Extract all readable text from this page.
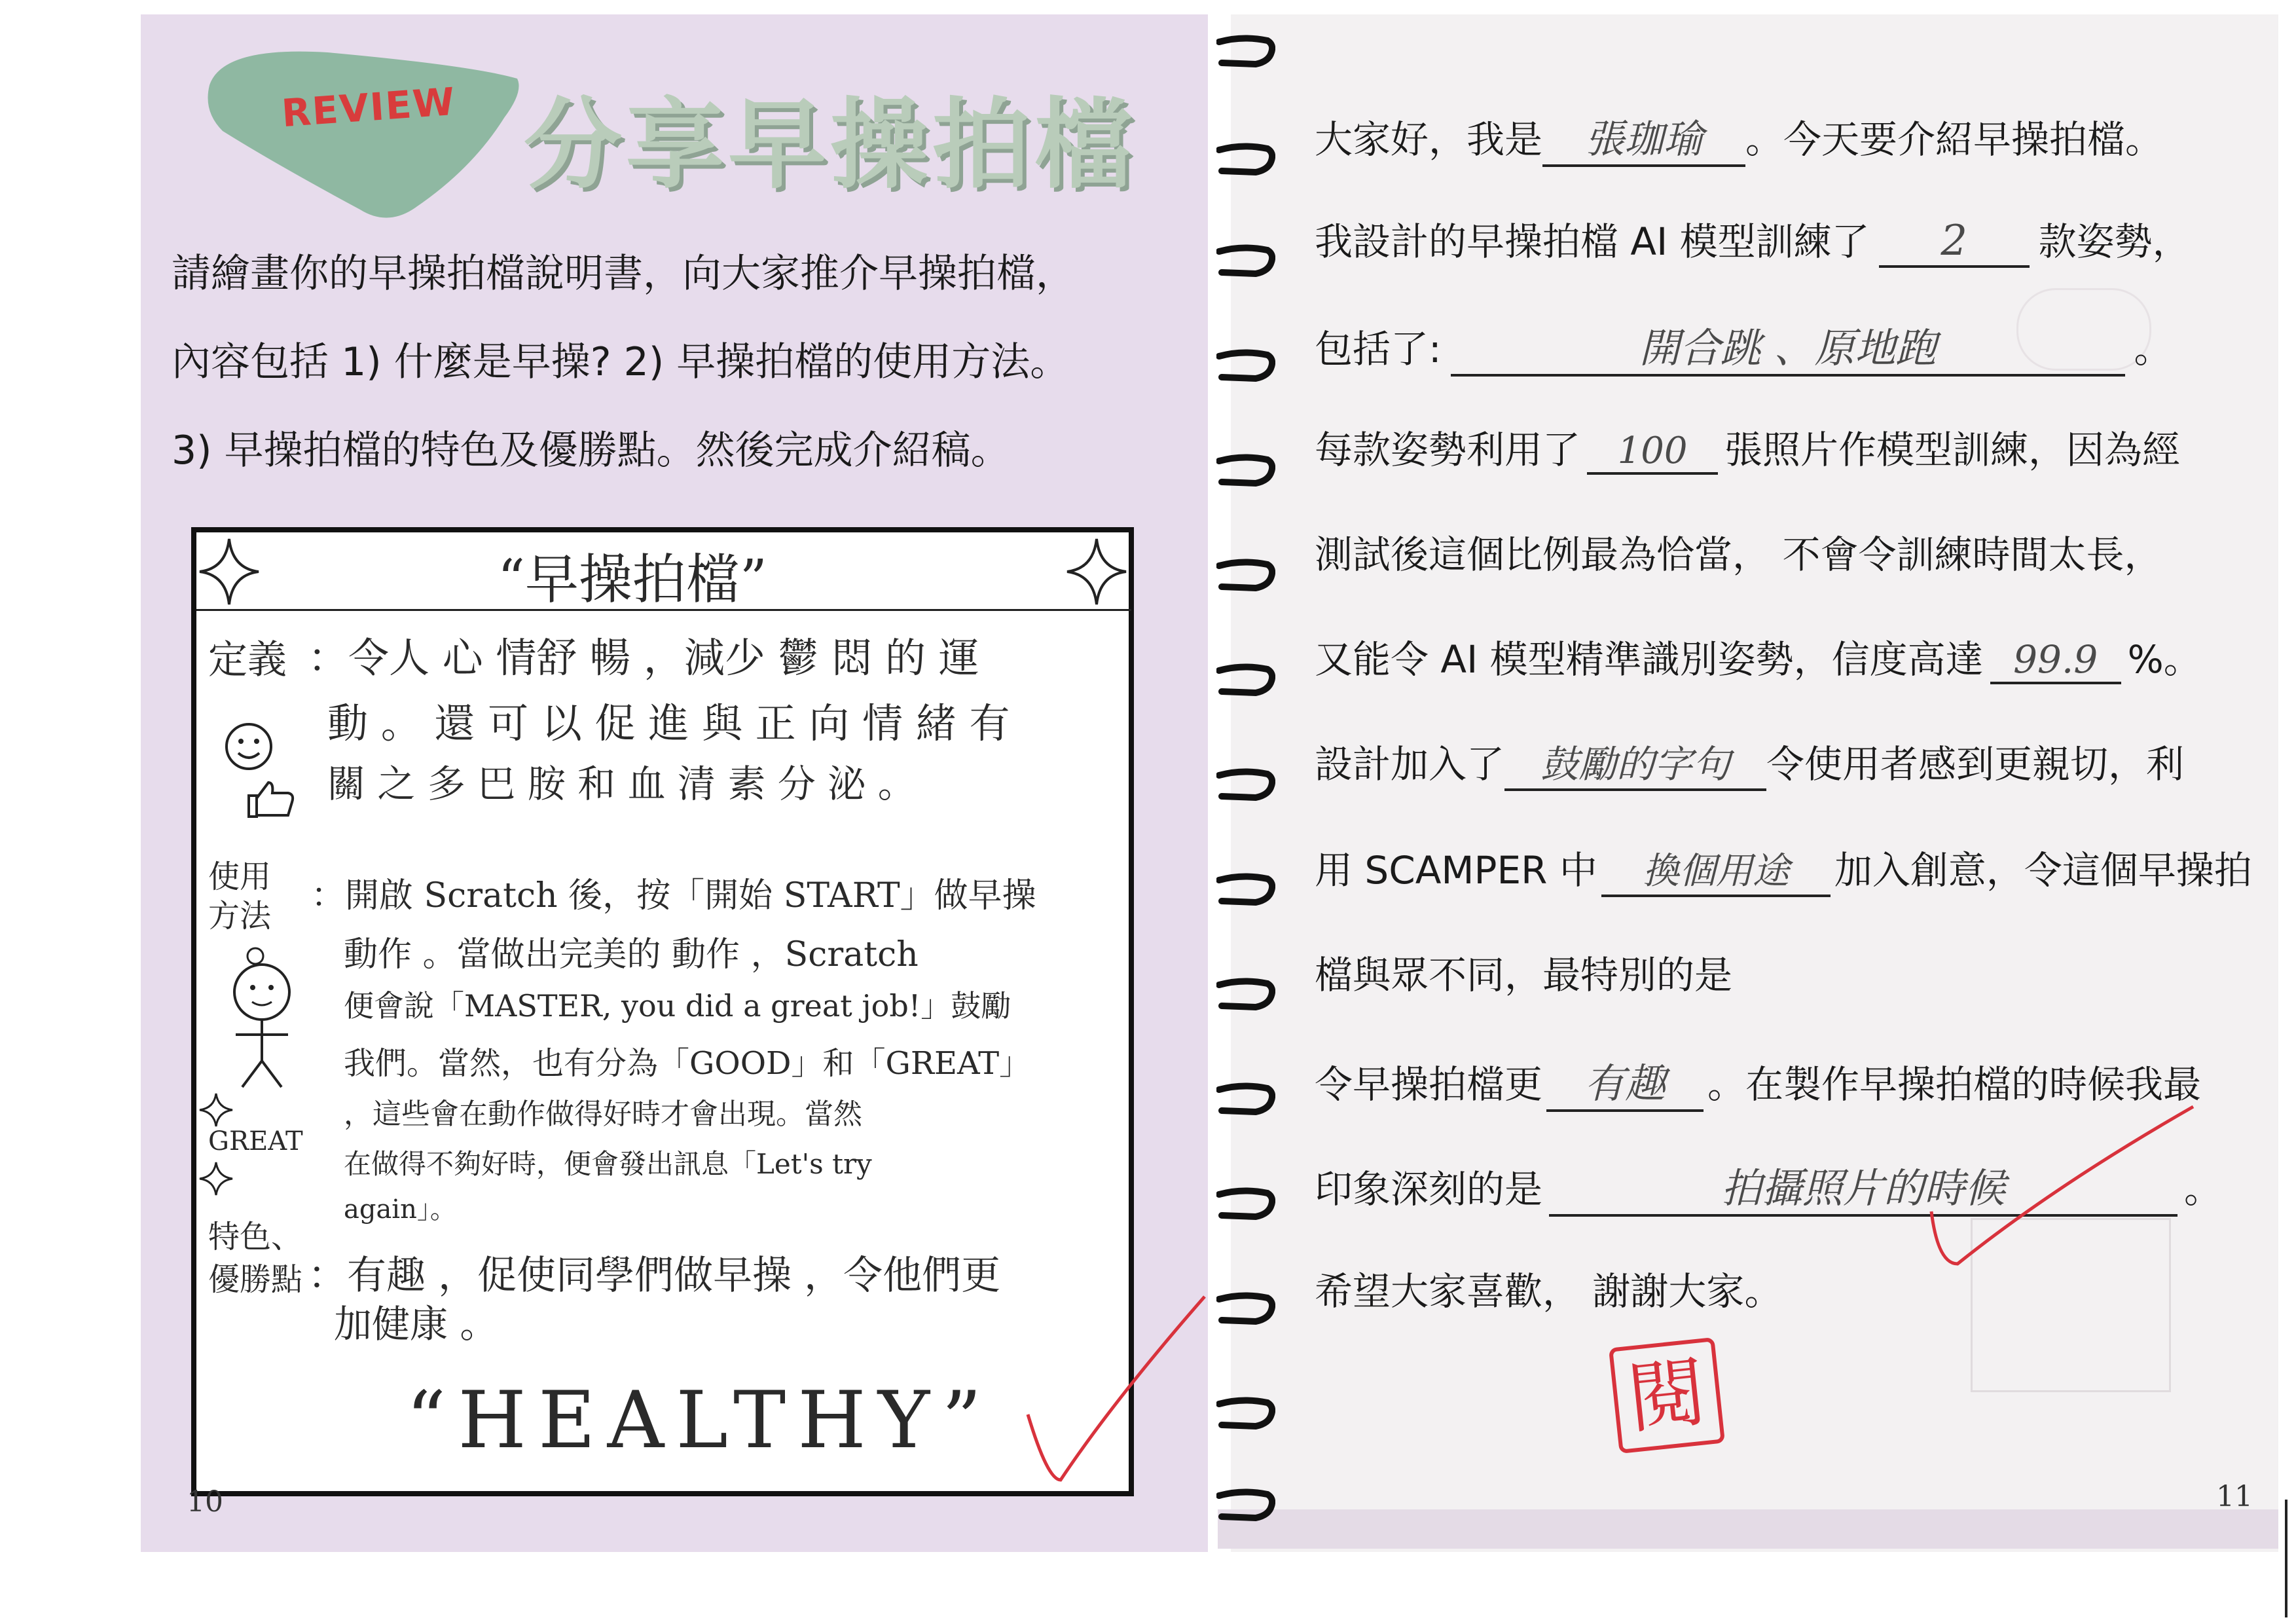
REVIEW 分享早操拍檔
請繪畫你的早操拍檔說明書，向大家推介早操拍檔，
內容包括 1) 什麼是早操? 2) 早操拍檔的使用方法。
3) 早操拍檔的特色及優勝點。然後完成介紹稿。
“早操拍檔”
定義 ：令人 心 情舒 暢 ，減少 鬱 悶 的 運
動 。 還 可 以 促 進 與 正 向 情 緒 有
關 之 多 巴 胺 和 血 清 素 分 泌 。
使用
方法
：開啟 Scratch 後，按「開始 START」做早操
動作 。當做出完美的 動作 ，Scratch
便會說「MASTER, you did a great job!」鼓勵
我們。當然，也有分為「GOOD」和「GREAT」
，這些會在動作做得好時才會出現。當然
在做得不夠好時，便會發出訊息「Let's try
again」。
GREAT
特色、
優勝點 ：有趣 ，促使同學們做早操 ，令他們更
加健康 。
“HEALTHY”
10
大家好，我是 張珈瑜 。今天要介紹早操拍檔。
我設計的早操拍檔 AI 模型訓練了 2 款姿勢，
包括了:	開合跳 、原地跑	。
每款姿勢利用了 100 張照片作模型訓練，因為經
測試後這個比例最為恰當， 不會令訓練時間太長，
又能令 AI 模型精準識別姿勢，信度高達 99.9 %。
設計加入了 鼓勵的字句 令使用者感到更親切，利
用 SCAMPER 中 換個用途 加入創意，令這個早操拍
檔與眾不同，最特別的是
令早操拍檔更 有趣 。在製作早操拍檔的時候我最
印象深刻的是	拍攝照片的時候	。
希望大家喜歡， 謝謝大家。
閱
11
